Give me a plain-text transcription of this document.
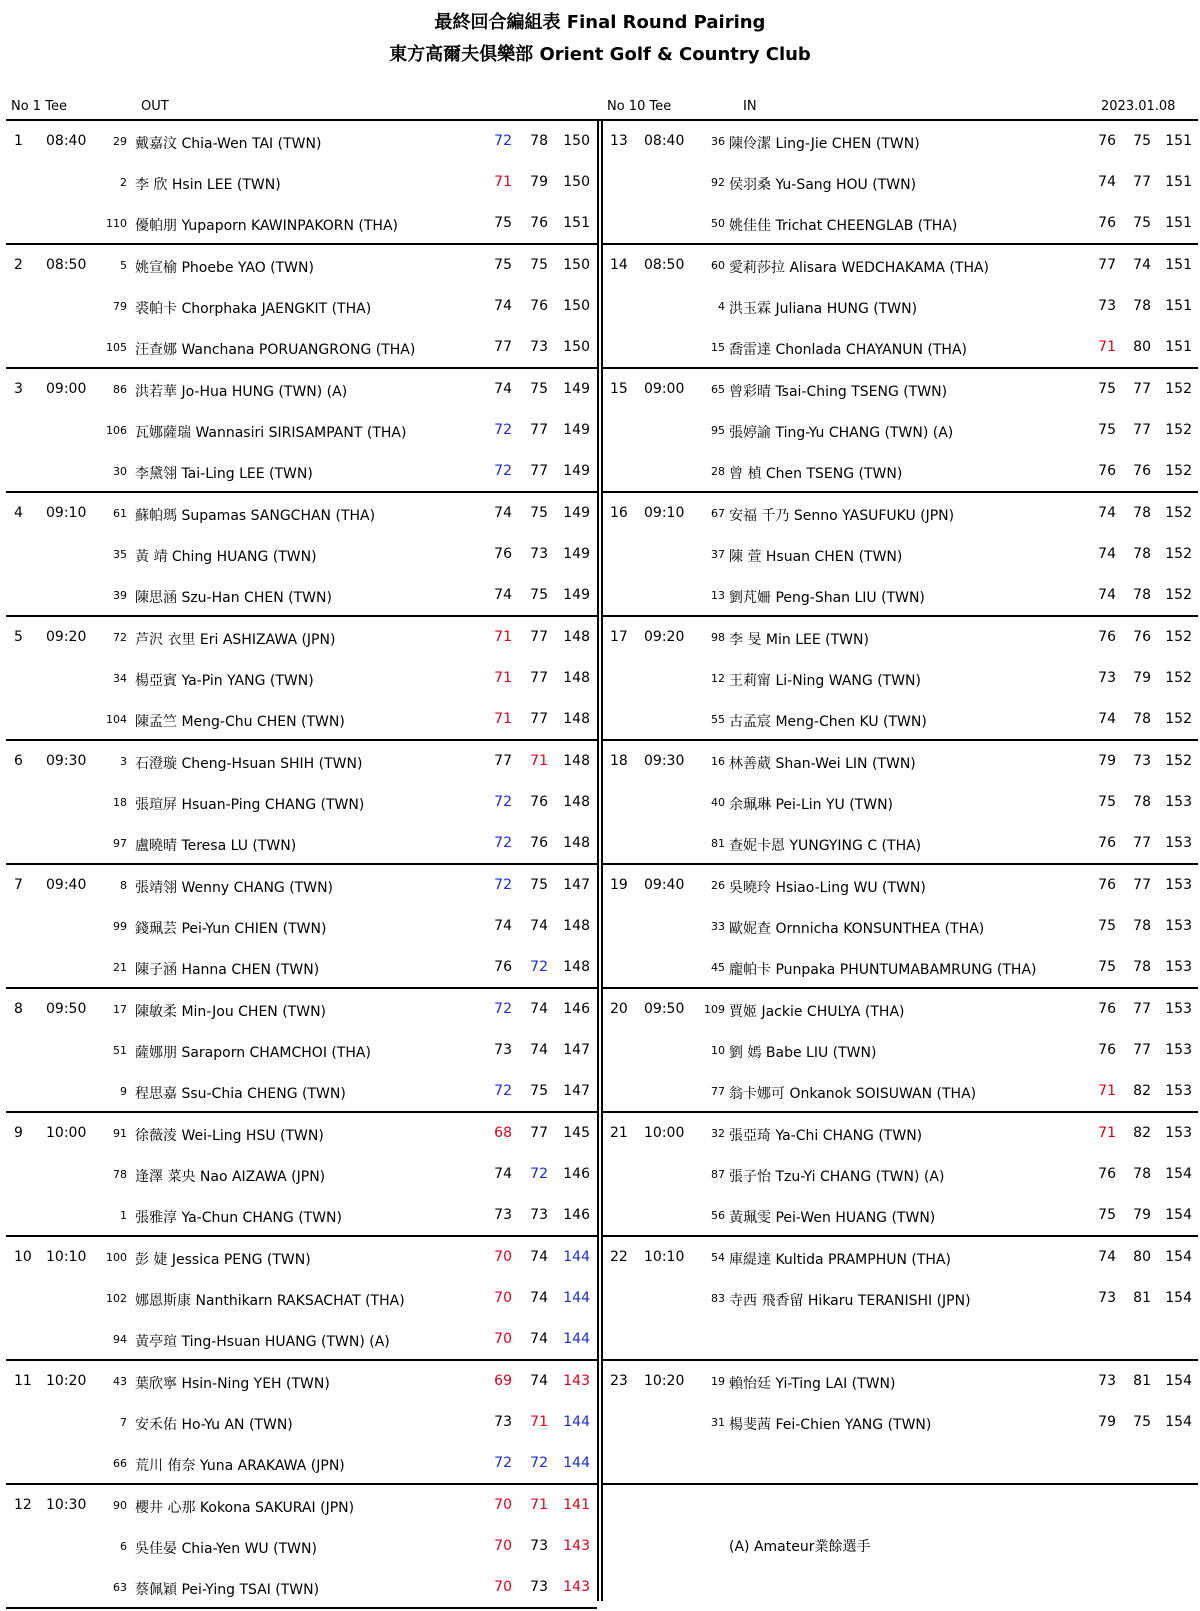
最終回合編組表 Final Round Pairing
東方高爾夫俱樂部 Orient Golf & Country Club
No 1 Tee	OUT	No 10 Tee	IN	2023.01.08
1 08:40	29 戴嘉汶 Chia-Wen TAI (TWN)	72	78 150
2 李 欣 Hsin LEE (TWN)	71	79 150
110 優帕朋 Yupaporn KAWINPAKORN (THA)	75	76 151
2 08:50	5 姚宣榆 Phoebe YAO (TWN)	75	75 150
79 裘帕卡 Chorphaka JAENGKIT (THA)	74	76 150
105 汪查娜 Wanchana PORUANGRONG (THA)	77	73 150
3 09:00	86 洪若華 Jo-Hua HUNG (TWN) (A)	74	75 149
106 瓦娜薩瑞 Wannasiri SIRISAMPANT (THA)	72	77 149
30 李黛翎 Tai-Ling LEE (TWN)	72	77 149
4 09:10	61 蘇帕瑪 Supamas SANGCHAN (THA)	74	75 149
35 黃 靖 Ching HUANG (TWN)	76	73 149
39 陳思涵 Szu-Han CHEN (TWN)	74	75 149
5 09:20	72 芦沢 衣里 Eri ASHIZAWA (JPN)	71	77 148
34 楊亞賓 Ya-Pin YANG (TWN)	71	77 148
104 陳孟竺 Meng-Chu CHEN (TWN)	71	77 148
6 09:30	3 石澄璇 Cheng-Hsuan SHIH (TWN)	77	71 148
18 張瑄屏 Hsuan-Ping CHANG (TWN)	72	76 148
97 盧曉晴 Teresa LU (TWN)	72	76 148
7 09:40	8 張靖翎 Wenny CHANG (TWN)	72	75 147
99 錢珮芸 Pei-Yun CHIEN (TWN)	74	74 148
21 陳子涵 Hanna CHEN (TWN)	76	72 148
8 09:50	17 陳敏柔 Min-Jou CHEN (TWN)	72	74 146
51 薩娜朋 Saraporn CHAMCHOI (THA)	73	74 147
9 程思嘉 Ssu-Chia CHENG (TWN)	72	75 147
9 10:00	91 徐薇淩 Wei-Ling HSU (TWN)	68	77 145
78 逢澤 菜央 Nao AIZAWA (JPN)	74	72 146
1 張雅淳 Ya-Chun CHANG (TWN)	73	73 146
10 10:10	100 彭 婕 Jessica PENG (TWN)	70	74 144
102 娜恩斯康 Nanthikarn RAKSACHAT (THA)	70	74 144
94 黃亭瑄 Ting-Hsuan HUANG (TWN) (A)	70	74 144
11 10:20	43 葉欣寧 Hsin-Ning YEH (TWN)	69	74 143
7 安禾佑 Ho-Yu AN (TWN)	73	71 144
66 荒川 侑奈 Yuna ARAKAWA (JPN)	72	72 144
12 10:30	90 櫻井 心那 Kokona SAKURAI (JPN)	70	71 141
6 吳佳晏 Chia-Yen WU (TWN)	70	73 143
63 蔡佩穎 Pei-Ying TSAI (TWN)	70	73 143
13 08:40	36 陳伶潔 Ling-Jie CHEN (TWN)	76	75 151
92 侯羽桑 Yu-Sang HOU (TWN)	74	77 151
50 姚佳佳 Trichat CHEENGLAB (THA)	76	75 151
14 08:50	60 愛莉莎拉 Alisara WEDCHAKAMA (THA)	77	74 151
4 洪玉霖 Juliana HUNG (TWN)	73	78 151
15 喬雷達 Chonlada CHAYANUN (THA)	71	80 151
15 09:00	65 曾彩晴 Tsai-Ching TSENG (TWN)	75	77 152
95 張婷諭 Ting-Yu CHANG (TWN) (A)	75	77 152
28 曾 楨 Chen TSENG (TWN)	76	76 152
16 09:10	67 安福 千乃 Senno YASUFUKU (JPN)	74	78 152
37 陳 萱 Hsuan CHEN (TWN)	74	78 152
13 劉芃姍 Peng-Shan LIU (TWN)	74	78 152
17 09:20	98 李 旻 Min LEE (TWN)	76	76 152
12 王莉甯 Li-Ning WANG (TWN)	73	79 152
55 古孟宸 Meng-Chen KU (TWN)	74	78 152
18 09:30	16 林善葳 Shan-Wei LIN (TWN)	79	73 152
40 余珮琳 Pei-Lin YU (TWN)	75	78 153
81 查妮卡恩 YUNGYING C (THA)	76	77 153
19 09:40	26 吳曉玲 Hsiao-Ling WU (TWN)	76	77 153
33 歐妮查 Ornnicha KONSUNTHEA (THA)	75	78 153
45 龐帕卡 Punpaka PHUNTUMABAMRUNG (THA)	75	78 153
20 09:50	109 賈姬 Jackie CHULYA (THA)	76	77 153
10 劉 嫣 Babe LIU (TWN)	76	77 153
77 翁卡娜可 Onkanok SOISUWAN (THA)	71	82 153
21 10:00	32 張亞琦 Ya-Chi CHANG (TWN)	71	82 153
87 張子怡 Tzu-Yi CHANG (TWN) (A)	76	78 154
56 黃珮雯 Pei-Wen HUANG (TWN)	75	79 154
22 10:10	54 庫緹達 Kultida PRAMPHUN (THA)	74	80 154
83 寺西 飛香留 Hikaru TERANISHI (JPN)	73	81 154
23 10:20	19 賴怡廷 Yi-Ting LAI (TWN)	73	81 154
31 楊斐茜 Fei-Chien YANG (TWN)	79	75 154
(A) Amateur業餘選手
